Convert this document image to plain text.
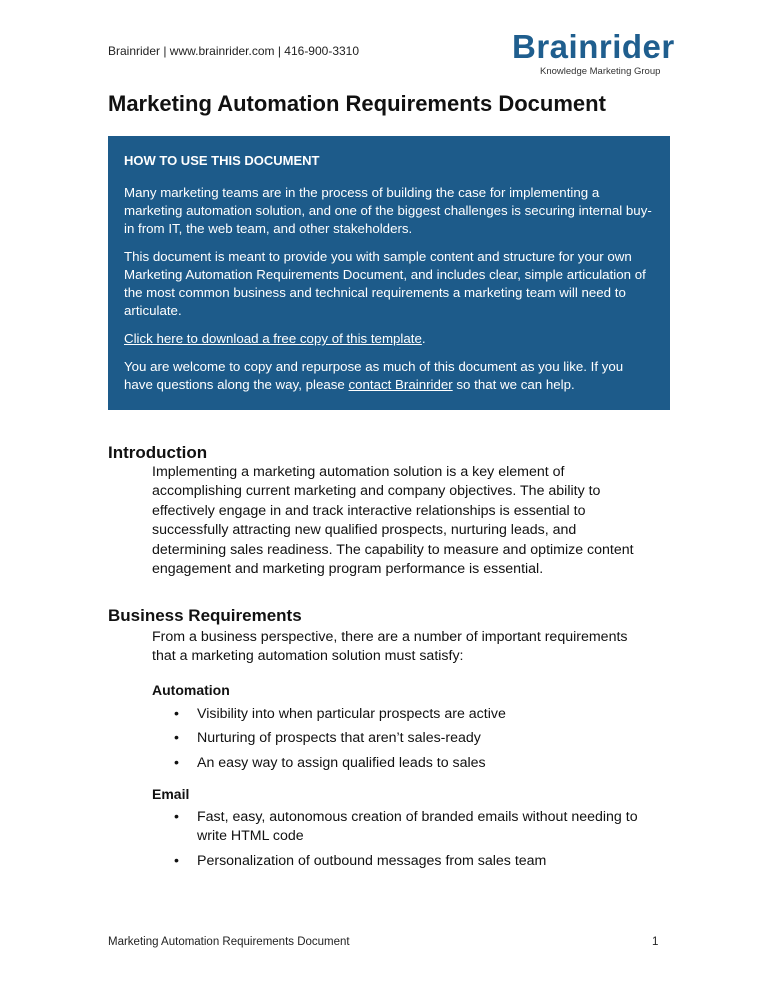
Brainrider | www.brainrider.com | 416-900-3310	Brainrider
Knowledge Marketing Group
Marketing Automation Requirements Document

HOW TO USE THIS DOCUMENT

Many marketing teams are in the process of building the case for implementing a marketing automation solution, and one of the biggest challenges is securing internal buy-in from IT, the web team, and other stakeholders.

This document is meant to provide you with sample content and structure for your own Marketing Automation Requirements Document, and includes clear, simple articulation of the most common business and technical requirements a marketing team will need to articulate.

Click here to download a free copy of this template.

You are welcome to copy and repurpose as much of this document as you like. If you have questions along the way, please contact Brainrider so that we can help.

Introduction

Implementing a marketing automation solution is a key element of accomplishing current marketing and company objectives. The ability to effectively engage in and track interactive relationships is essential to successfully attracting new qualified prospects, nurturing leads, and determining sales readiness. The capability to measure and optimize content engagement and marketing program performance is essential.

Business Requirements

From a business perspective, there are a number of important requirements that a marketing automation solution must satisfy:

Automation
• Visibility into when particular prospects are active
• Nurturing of prospects that aren’t sales-ready
• An easy way to assign qualified leads to sales
Email
• Fast, easy, autonomous creation of branded emails without needing to write HTML code
• Personalization of outbound messages from sales team
Marketing Automation Requirements Document	1
